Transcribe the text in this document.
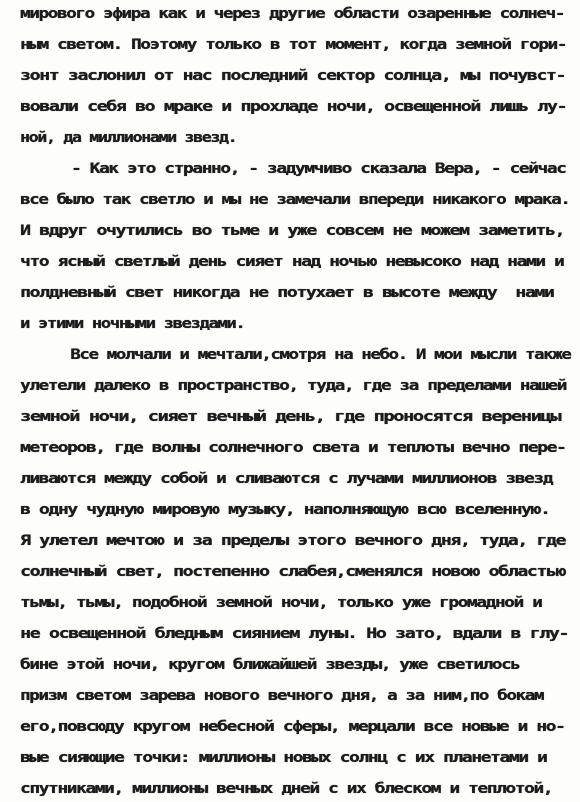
мирового эфира как и через другие области озаренные солнеч-
ным светом. Поэтому только в тот момент, когда земной гори-
зонт заслонил от нас последний сектор солнца, мы почувст-
вовали себя во мраке и прохладе ночи, освещенной лишь лу-
ной, да миллионами звезд.
- Как это странно, - задумчиво сказала Вера, - сейчас
все было так светло и мы не замечали впереди никакого мрака.
И вдруг очутились во тьме и уже совсем не можем заметить,
что ясный светлый день сияет над ночью невысоко над нами и
полдневный свет никогда не потухает в высоте между  нами
и этими ночными звездами.
Все молчали и мечтали,смотря на небо. И мои мысли также
улетели далеко в пространство, туда, где за пределами нашей
земной ночи, сияет вечный день, где проносятся вереницы
метеоров, где волны солнечного света и теплоты вечно пере-
ливаются между собой и сливаются с лучами миллионов звезд
в одну чудную мировую музыку, наполняющую всю вселенную.
Я улетел мечтою и за пределы этого вечного дня, туда, где
солнечный свет, постепенно слабея,сменялся новою областью
тьмы, тьмы, подобной земной ночи, только уже громадной и
не освещенной бледным сиянием луны. Но зато, вдали в глу-
бине этой ночи, кругом ближайшей звезды, уже светилось
призм светом зарева нового вечного дня, а за ним,по бокам
его,повсюду кругом небесной сферы, мерцали все новые и но-
вые сияющие точки: миллионы новых солнц с их планетами и
спутниками, миллионы вечных дней с их блеском и теплотой,
